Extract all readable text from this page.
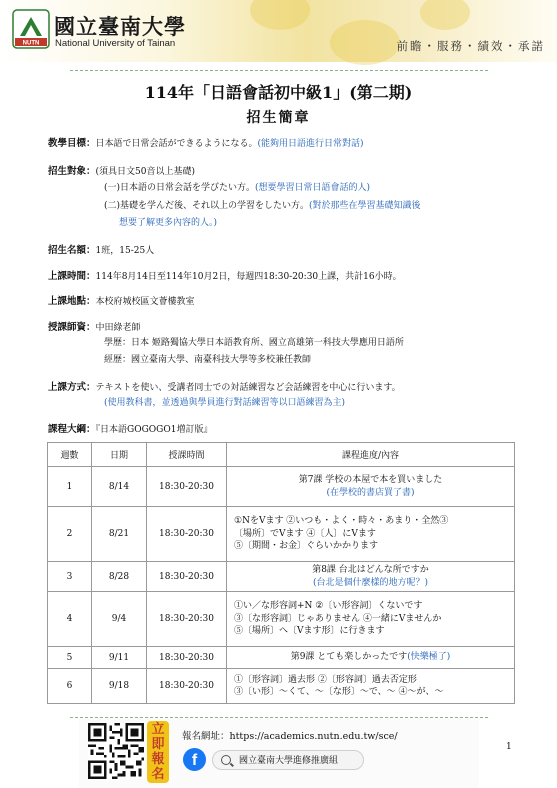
NUTN
國立臺南大學
National University of Tainan	前瞻・服務・績效・承諾
114年「日語會話初中級1」(第二期)
招生簡章
教學目標：日本語で日常会話ができるようになる。(能夠用日語進行日常對話)
招生對象：(須具日文50音以上基礎)
(一)日本語の日常会話を学びたい方。(想要學習日常日語會話的人)
(二)基礎を学んだ後、それ以上の学習をしたい方。(對於那些在學習基礎知識後
想要了解更多內容的人。)
招生名額：1班，15-25人
上課時間：114年8月14日至114年10月2日，每週四18:30-20:30上課，共計16小時。
上課地點：本校府城校區文薈樓教室
授課師資：中田綠老師
學歷：日本 姬路獨協大學日本語教育所、國立高雄第一科技大學應用日語所
經歷：國立臺南大學、南臺科技大學等多校兼任教師
上課方式：テキストを使い、受講者同士での対話練習など会話練習を中心に行います。
(使用教科書，並透過與學員進行對話練習等以口語練習為主)
課程大綱：『日本語GOGOGO1増訂版』
週數	日期	授課時間	課程進度/內容
1	8/14	18:30-20:30	第7課 学校の本屋で本を買いました
(在學校的書店買了書)
2	8/21	18:30-20:30	①NをVます ②いつも・よく・時々・あまり・全然③
〔場所〕でVます ④〔人〕にVます
⑤〔期間・お金〕ぐらいかかります

3	8/28	18:30-20:30	第8課 台北はどんな所ですか
(台北是個什麼樣的地方呢？)
4	9/4	18:30-20:30	①い／な形容詞+N ②〔い形容詞〕くないです
③〔な形容詞〕じゃありません ④一緒にVませんか
⑤〔場所〕へ〔Vます形〕に行きます

5	9/11	18:30-20:30	第9課 とても楽しかったです(快樂極了)

6	9/18	18:30-20:30	①〔形容詞〕過去形 ②〔形容詞〕過去否定形
③〔い形〕～くて、～〔な形〕～で、～ ④～が、～
立即報名
報名網址：https://academics.nutn.edu.tw/sce/
f	國立臺南大學進修推廣組
1
